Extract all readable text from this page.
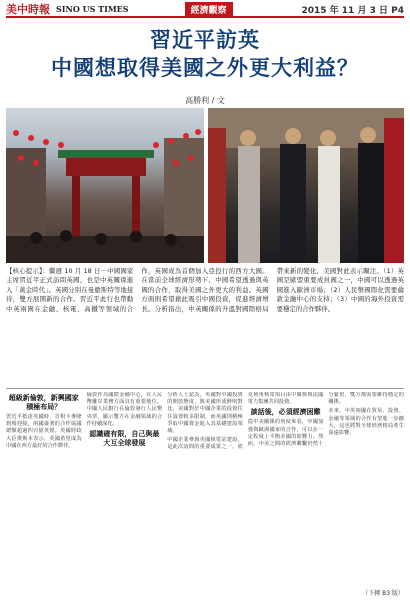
美中時報 SINO US TIMES	經濟觀察	2015 年 11 月 3 日 P4
習近平訪英
中國想取得美國之外更大利益？
高勝利 / 文
【核心提示】：繼週 10 月 18 日－中國國家主席習近平正式訪問英國，也是中英關係進入「黃金時代」。英國分別在曼徹斯特等地接待，雙方展開新的合作。習近平此行也帶動中英兩國在金融、核電、高鐵等領域的合作，英國成為首個加入亞投行的西方大國。在當前全球經濟形勢下，中國希望透過與英國的合作，取得美國之外更大的利益。英國方面則希望藉此吸引中國投資，促進經濟增長。分析指出，中英關係的升溫對國際格局帶來新的變化，美國對此表示關注。（1）英國是歐盟重要成員國之一，中國可以透過英國進入歐洲市場；（2）人民幣國際化需要倫敦金融中心的支持；（3）中國的海外投資需要穩定的合作夥伴。
超級新倫敦，新興國家積極布局？

習近平抵達英國時，首相卡麥隆到場迎接，兩國簽署的合作協議總額超過四百億英鎊。英國財政大臣奧斯本表示，英國希望成為中國在西方最好的合作夥伴。

倫敦作為國際金融中心，在人民幣離岸業務方面具有重要地位。中國人民銀行在倫敦發行人民幣央票，顯示雙方在金融領域的合作持續深化。

認識確有限，自己與最大互全球發展

分析人士認為，英國對中國投資的開放態度，與美國形成鮮明對比。美國對於中國企業的投資往往設置較多限制，而英國則積極爭取中國資金進入其基礎建設領域。

中國企業參與英國核電站建設，是此次訪問的重要成果之一。欣克利角核電項目由中廣核與法國電力集團共同投資。

談話後，必須經濟困難

從中美關係的角度來看，中國加強與歐洲國家的合作，可以在一定程度上平衡美國的影響力。然而，中美之間的經濟聯繫仍然十分緊密，雙方都需要維持穩定的關係。

未來，中英兩國在貿易、投資、金融等領域的合作有望進一步擴大，這也將對全球經濟格局產生深遠影響。

（下轉 B3 版）
